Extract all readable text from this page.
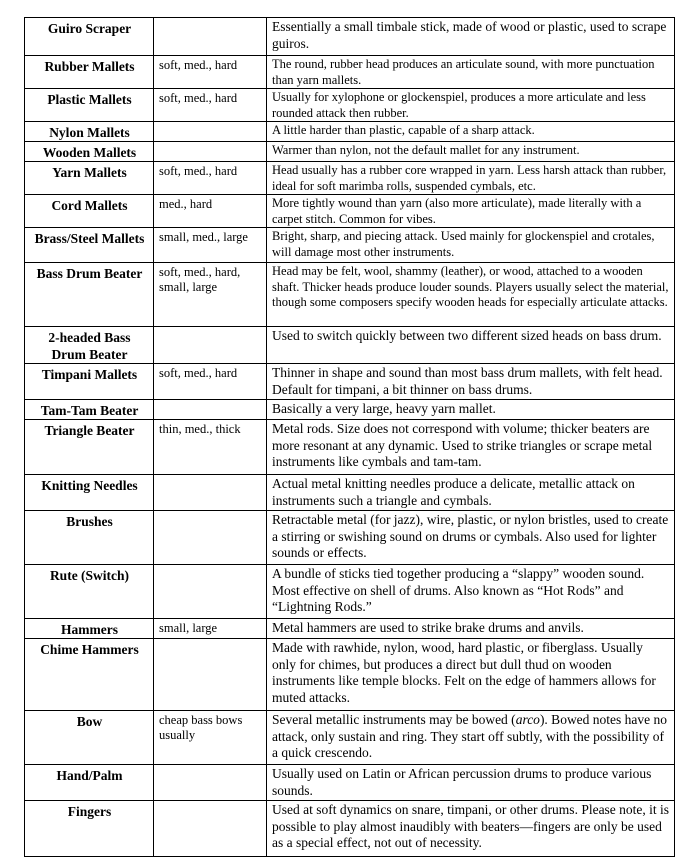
Guiro Scraper		Essentially a small timbale stick, made of wood or plastic, used to scrape guiros.
Rubber Mallets	soft, med., hard	The round, rubber head produces an articulate sound, with more punctuation than yarn mallets.
Plastic Mallets	soft, med., hard	Usually for xylophone or glockenspiel, produces a more articulate and less rounded attack then rubber.
Nylon Mallets		A little harder than plastic, capable of a sharp attack.
Wooden Mallets		Warmer than nylon, not the default mallet for any instrument.
Yarn Mallets	soft, med., hard	Head usually has a rubber core wrapped in yarn. Less harsh attack than rubber, ideal for soft marimba rolls, suspended cymbals, etc.
Cord Mallets	med., hard	More tightly wound than yarn (also more articulate), made literally with a carpet stitch. Common for vibes.
Brass/Steel Mallets	small, med., large	Bright, sharp, and piecing attack. Used mainly for glockenspiel and crotales, will damage most other instruments.
Bass Drum Beater	soft, med., hard, small, large	Head may be felt, wool, shammy (leather), or wood, attached to a wooden shaft. Thicker heads produce louder sounds. Players usually select the material, though some composers specify wooden heads for especially articulate attacks.
2-headed Bass Drum Beater		Used to switch quickly between two different sized heads on bass drum.
Timpani Mallets	soft, med., hard	Thinner in shape and sound than most bass drum mallets, with felt head. Default for timpani, a bit thinner on bass drums.
Tam-Tam Beater		Basically a very large, heavy yarn mallet.
Triangle Beater	thin, med., thick	Metal rods. Size does not correspond with volume; thicker beaters are more resonant at any dynamic. Used to strike triangles or scrape metal instruments like cymbals and tam-tam.
Knitting Needles		Actual metal knitting needles produce a delicate, metallic attack on instruments such a triangle and cymbals.
Brushes		Retractable metal (for jazz), wire, plastic, or nylon bristles, used to create a stirring or swishing sound on drums or cymbals. Also used for lighter sounds or effects.
Rute (Switch)		A bundle of sticks tied together producing a “slappy” wooden sound. Most effective on shell of drums. Also known as “Hot Rods” and “Lightning Rods.”
Hammers	small, large	Metal hammers are used to strike brake drums and anvils.
Chime Hammers		Made with rawhide, nylon, wood, hard plastic, or fiberglass. Usually only for chimes, but produces a direct but dull thud on wooden instruments like temple blocks. Felt on the edge of hammers allows for muted attacks.
Bow	cheap bass bows usually	Several metallic instruments may be bowed (arco). Bowed notes have no attack, only sustain and ring. They start off subtly, with the possibility of a quick crescendo.
Hand/Palm		Usually used on Latin or African percussion drums to produce various sounds.
Fingers		Used at soft dynamics on snare, timpani, or other drums. Please note, it is possible to play almost inaudibly with beaters—fingers are only be used as a special effect, not out of necessity.
